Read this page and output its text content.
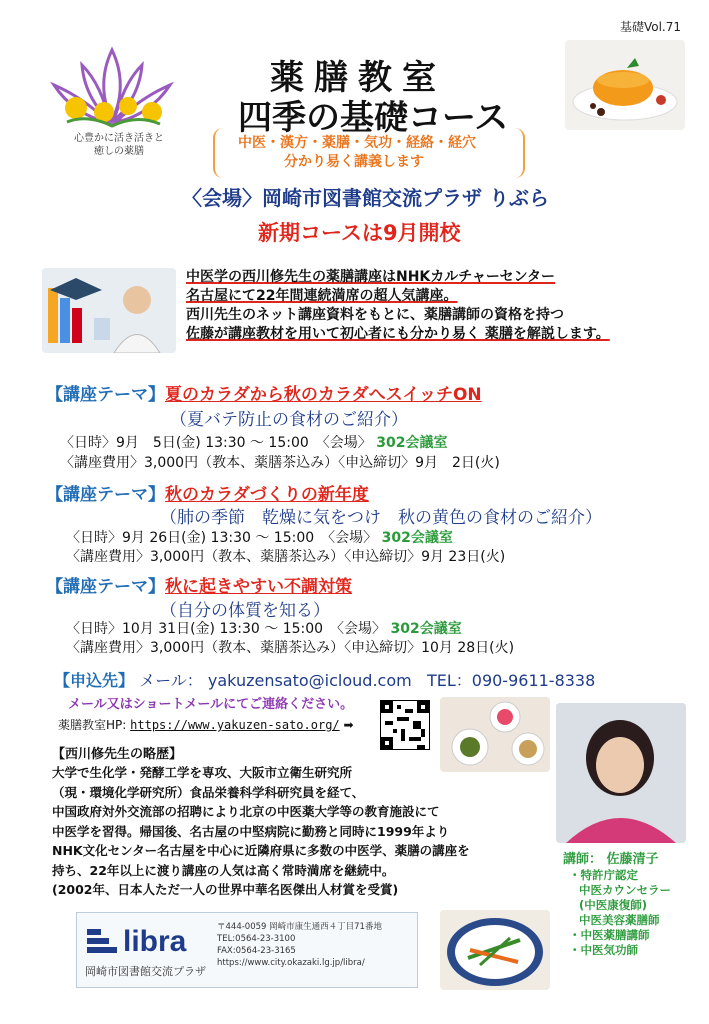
基礎Vol.71
心豊かに活き活きと
癒しの薬膳
薬膳教室
四季の基礎コース
中医・漢方・薬膳・気功・経絡・経穴
分かり易く講義します
〈会場〉岡崎市図書館交流プラザ りぶら
新期コースは9月開校
中医学の西川修先生の薬膳講座はNHKカルチャーセンター
名古屋にて22年間連続満席の超人気講座。
西川先生のネット講座資料をもとに、薬膳講師の資格を持つ
佐藤が講座教材を用いて初心者にも分かり易く 薬膳を解説します。
【講座テーマ】夏のカラダから秋のカラダへスイッチON
（夏バテ防止の食材のご紹介）
〈日時〉9月　5日(金) 13:30 ～ 15:00　〈会場〉 302会議室
〈講座費用〉3,000円（教本、薬膳茶込み）〈申込締切〉9月　2日(火)
【講座テーマ】秋のカラダづくりの新年度
（肺の季節　乾燥に気をつけ　秋の黄色の食材のご紹介）
〈日時〉9月 26日(金) 13:30 ～ 15:00　〈会場〉 302会議室
〈講座費用〉3,000円（教本、薬膳茶込み）〈申込締切〉9月 23日(火)
【講座テーマ】秋に起きやすい不調対策
（自分の体質を知る）
〈日時〉10月 31日(金) 13:30 ～ 15:00　〈会場〉 302会議室
〈講座費用〉3,000円（教本、薬膳茶込み）〈申込締切〉10月 28日(火)
【申込先】 メール： yakuzensato@icloud.com TEL：090-9611-8338
メール又はショートメールにてご連絡ください。
薬膳教室HP: https://www.yakuzen-sato.org/ ➡
【西川修先生の略歴】
大学で生化学・発酵工学を専攻、大阪市立衛生研究所
（現・環境化学研究所）食品栄養科学科研究員を経て、
中国政府対外交流部の招聘により北京の中医薬大学等の教育施設にて
中医学を習得。帰国後、名古屋の中堅病院に勤務と同時に1999年より
NHK文化センター名古屋を中心に近隣府県に多数の中医学、薬膳の講座を
持ち、22年以上に渡り講座の人気は高く常時満席を継続中。
(2002年、日本人ただ一人の世界中華名医傑出人材賞を受賞)
講師： 佐藤清子
・特許庁認定
中医カウンセラー
(中医康復師)
中医美容薬膳師
・中医薬膳講師
・中医気功師
libra
岡崎市図書館交流プラザ
〒444-0059 岡崎市康生通西４丁目71番地
TEL:0564-23-3100
FAX:0564-23-3165
https://www.city.okazaki.lg.jp/libra/
